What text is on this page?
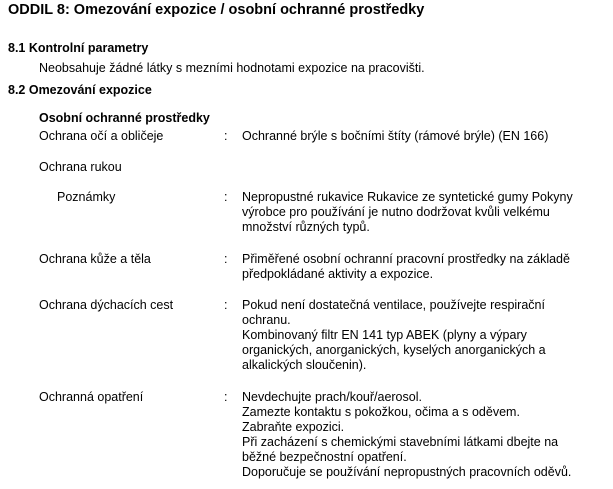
ODDIL 8: Omezování expozice / osobní ochranné prostředky
8.1 Kontrolní parametry
Neobsahuje žádné látky s mezními hodnotami expozice na pracovišti.
8.2 Omezování expozice
Osobní ochranné prostředky
Ochrana očí a obličeje	: Ochranné brýle s bočními štíty (rámové brýle) (EN 166)
Ochrana rukou
Poznámky	: Nepropustné rukavice Rukavice ze syntetické gumy Pokyny
výrobce pro používání je nutno dodržovat kvůli velkému
množství různých typů.
Ochrana kůže a těla	: Přiměřené osobní ochranní pracovní prostředky na základě
předpokládané aktivity a expozice.
Ochrana dýchacích cest	: Pokud není dostatečná ventilace, používejte respirační
ochranu.
Kombinovaný filtr EN 141 typ ABEK (plyny a výpary
organických, anorganických, kyselých anorganických a
alkalických sloučenin).
Ochranná opatření	: Nevdechujte prach/kouř/aerosol.
Zamezte kontaktu s pokožkou, očima a s oděvem.
Zabraňte expozici.
Při zacházení s chemickými stavebními látkami dbejte na
běžné bezpečnostní opatření.
Doporučuje se používání nepropustných pracovních oděvů.
